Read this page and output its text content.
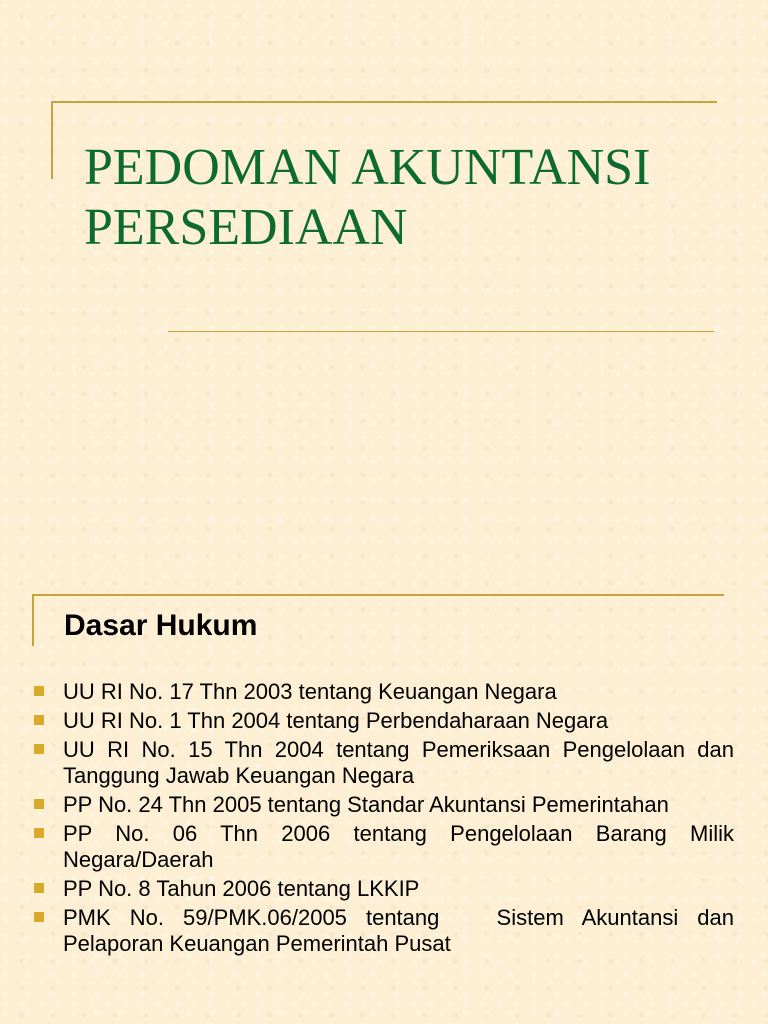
PEDOMAN AKUNTANSI
PERSEDIAAN
Dasar Hukum
UU RI No. 17 Thn 2003 tentang Keuangan Negara
UU RI No. 1 Thn 2004 tentang Perbendaharaan Negara
UU RI No. 15 Thn 2004 tentang Pemeriksaan Pengelolaan dan Tanggung Jawab Keuangan Negara
PP No. 24 Thn 2005 tentang Standar Akuntansi Pemerintahan
PP No. 06 Thn 2006 tentang Pengelolaan Barang Milik Negara/Daerah
PP No. 8 Tahun 2006 tentang LKKIP
PMK No. 59/PMK.06/2005 tentang   Sistem Akuntansi dan Pelaporan Keuangan Pemerintah Pusat
